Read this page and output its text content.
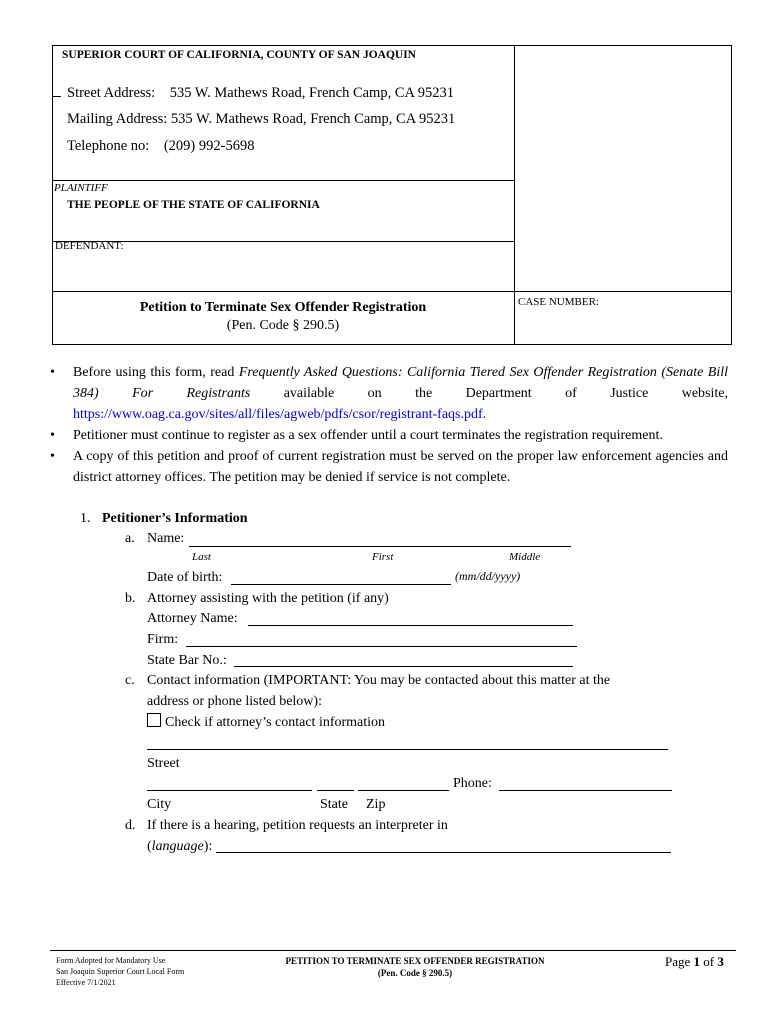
SUPERIOR COURT OF CALIFORNIA, COUNTY OF SAN JOAQUIN
Street Address:    535 W. Mathews Road, French Camp, CA 95231
Mailing Address: 535 W. Mathews Road, French Camp, CA 95231
Telephone no:    (209) 992-5698
PLAINTIFF
THE PEOPLE OF THE STATE OF CALIFORNIA
DEFENDANT:
Petition to Terminate Sex Offender Registration
(Pen. Code § 290.5)
CASE NUMBER:
• Before using this form, read Frequently Asked Questions: California Tiered Sex Offender Registration (Senate Bill 384) For Registrants available on the Department of Justice website, https://www.oag.ca.gov/sites/all/files/agweb/pdfs/csor/registrant-faqs.pdf.
• Petitioner must continue to register as a sex offender until a court terminates the registration requirement.
• A copy of this petition and proof of current registration must be served on the proper law enforcement agencies and district attorney offices. The petition may be denied if service is not complete.
1. Petitioner’s Information
a. Name:
Last	First	Middle
Date of birth:	(mm/dd/yyyy)
b. Attorney assisting with the petition (if any)
Attorney Name:
Firm:
State Bar No.:
c. Contact information (IMPORTANT: You may be contacted about this matter at the
address or phone listed below):
Check if attorney’s contact information
Street
Phone:
City	State Zip
d. If there is a hearing, petition requests an interpreter in
(language):
Form Adopted for Mandatory Use
San Joaquin Superior Court Local Form
Effective 7/1/2021
PETITION TO TERMINATE SEX OFFENDER REGISTRATION
(Pen. Code § 290.5)
Page 1 of 3
